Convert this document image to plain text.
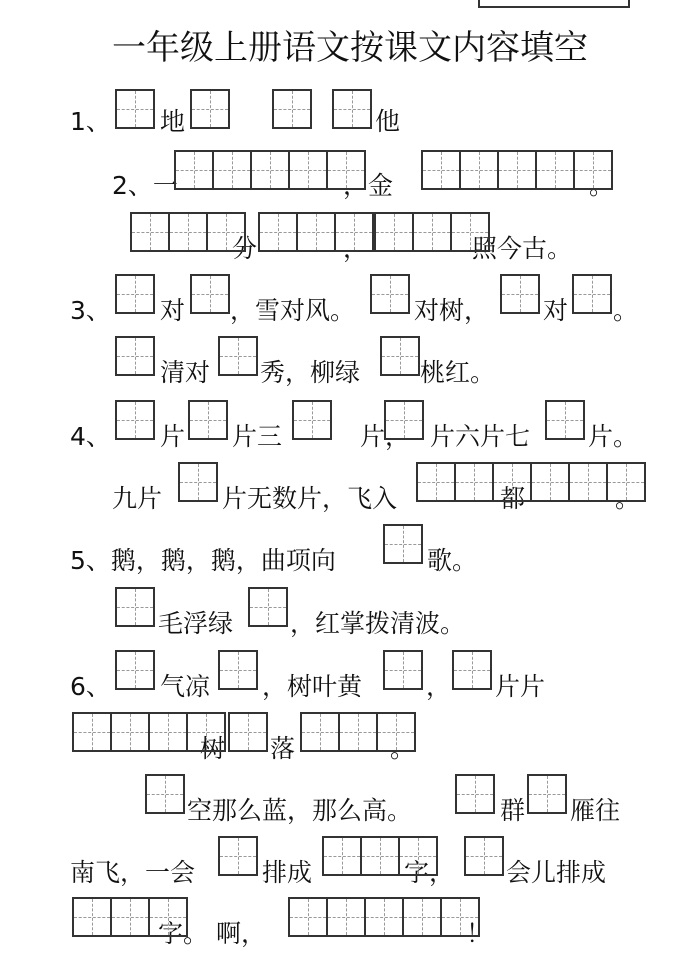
一年级上册语文按课文内容填空
1、 地	他
2、一	，金	。
分	，	照今古。
3、 对 ，雪对风。 对树， 对 。
清对 秀，柳绿 桃红。
4、 片 片三	片， 片六片七 片。
九片 片无数片，飞入	都	。
5、鹅，鹅，鹅，曲项向	歌。
毛浮绿 ，红掌拨清波。
6、 气凉 ，树叶黄	， 片片
树 落	。
空那么蓝，那么高。	群 雁往
南飞，一会	排成	字， 会儿排成
字。 啊，	！
